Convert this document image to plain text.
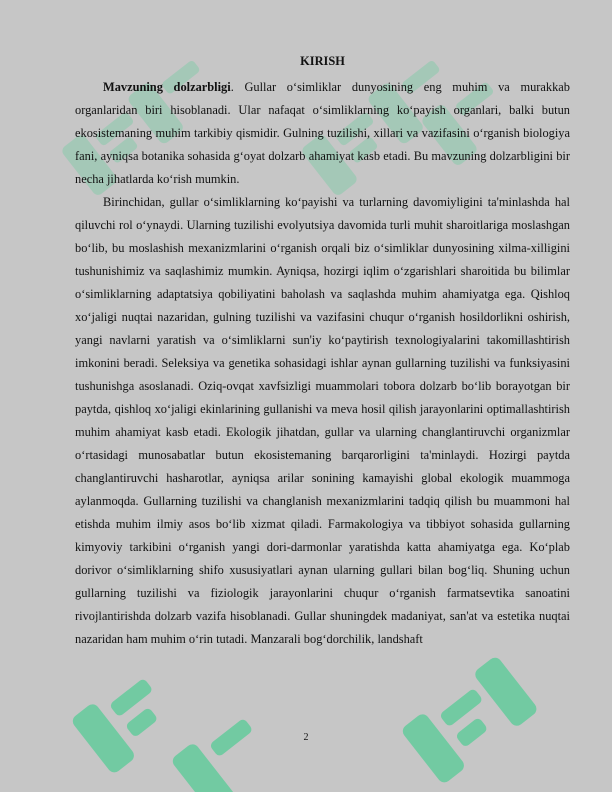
KIRISH

Mavzuning dolzarbligi. Gullar o‘simliklar dunyosining eng muhim va murakkab organlaridan biri hisoblanadi. Ular nafaqat o‘simliklarning ko‘payish organlari, balki butun ekosistemaning muhim tarkibiy qismidir. Gulning tuzilishi, xillari va vazifasini o‘rganish biologiya fani, ayniqsa botanika sohasida g‘oyat dolzarb ahamiyat kasb etadi. Bu mavzuning dolzarbligini bir necha jihatlarda ko‘rish mumkin.

Birinchidan, gullar o‘simliklarning ko‘payishi va turlarning davomiyligini ta'minlashda hal qiluvchi rol o‘ynaydi. Ularning tuzilishi evolyutsiya davomida turli muhit sharoitlariga moslashgan bo‘lib, bu moslashish mexanizmlarini o‘rganish orqali biz o‘simliklar dunyosining xilma-xilligini tushunishimiz va saqlashimiz mumkin. Ayniqsa, hozirgi iqlim o‘zgarishlari sharoitida bu bilimlar o‘simliklarning adaptatsiya qobiliyatini baholash va saqlashda muhim ahamiyatga ega. Qishloq xo‘jaligi nuqtai nazaridan, gulning tuzilishi va vazifasini chuqur o‘rganish hosildorlikni oshirish, yangi navlarni yaratish va o‘simliklarni sun'iy ko‘paytirish texnologiyalarini takomillashtirish imkonini beradi. Seleksiya va genetika sohasidagi ishlar aynan gullarning tuzilishi va funksiyasini tushunishga asoslanadi. Oziq-ovqat xavfsizligi muammolari tobora dolzarb bo‘lib borayotgan bir paytda, qishloq xo‘jaligi ekinlarining gullanishi va meva hosil qilish jarayonlarini optimallashtirish muhim ahamiyat kasb etadi. Ekologik jihatdan, gullar va ularning changlantiruvchi organizmlar o‘rtasidagi munosabatlar butun ekosistemaning barqarorligini ta'minlaydi. Hozirgi paytda changlantiruvchi hasharotlar, ayniqsa arilar sonining kamayishi global ekologik muammoga aylanmoqda. Gullarning tuzilishi va changlanish mexanizmlarini tadqiq qilish bu muammoni hal etishda muhim ilmiy asos bo‘lib xizmat qiladi. Farmakologiya va tibbiyot sohasida gullarning kimyoviy tarkibini o‘rganish yangi dori-darmonlar yaratishda katta ahamiyatga ega. Ko‘plab dorivor o‘simliklarning shifo xususiyatlari aynan ularning gullari bilan bog‘liq. Shuning uchun gullarning tuzilishi va fiziologik jarayonlarini chuqur o‘rganish farmatsevtika sanoatini rivojlantirishda dolzarb vazifa hisoblanadi. Gullar shuningdek madaniyat, san'at va estetika nuqtai nazaridan ham muhim o‘rin tutadi. Manzarali bog‘dorchilik, landshaft

2
